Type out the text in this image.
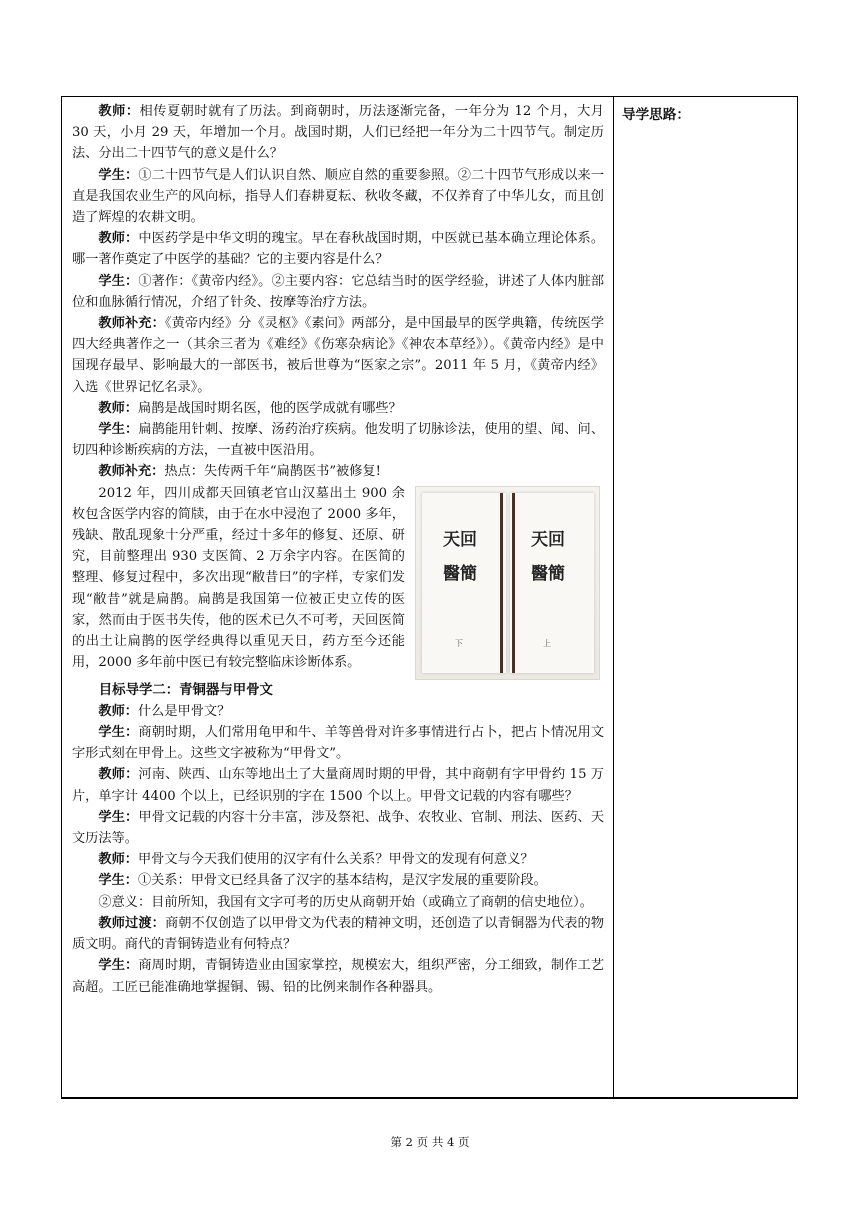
教师：相传夏朝时就有了历法。到商朝时，历法逐渐完备，一年分为 12 个月，大月 30 天，小月 29 天，年增加一个月。战国时期，人们已经把一年分为二十四节气。制定历法、分出二十四节气的意义是什么？

学生：①二十四节气是人们认识自然、顺应自然的重要参照。②二十四节气形成以来一直是我国农业生产的风向标，指导人们春耕夏耘、秋收冬藏，不仅养育了中华儿女，而且创造了辉煌的农耕文明。

教师：中医药学是中华文明的瑰宝。早在春秋战国时期，中医就已基本确立理论体系。哪一著作奠定了中医学的基础？它的主要内容是什么？

学生：①著作：《黄帝内经》。②主要内容：它总结当时的医学经验，讲述了人体内脏部位和血脉循行情况，介绍了针灸、按摩等治疗方法。

教师补充：《黄帝内经》分《灵枢》《素问》两部分，是中国最早的医学典籍，传统医学四大经典著作之一（其余三者为《难经》《伤寒杂病论》《神农本草经》）。《黄帝内经》是中国现存最早、影响最大的一部医书，被后世尊为“医家之宗”。2011 年 5 月，《黄帝内经》入选《世界记忆名录》。

教师：扁鹊是战国时期名医，他的医学成就有哪些？

学生：扁鹊能用针刺、按摩、汤药治疗疾病。他发明了切脉诊法，使用的望、闻、问、切四种诊断疾病的方法，一直被中医沿用。

教师补充：热点：失传两千年“扁鹊医书”被修复!

天回醫簡
下
天回醫簡
上

2012 年，四川成都天回镇老官山汉墓出土 900 余枚包含医学内容的简牍，由于在水中浸泡了 2000 多年，残缺、散乱现象十分严重，经过十多年的修复、还原、研究，目前整理出 930 支医简、2 万余字内容。在医简的整理、修复过程中，多次出现“敝昔曰”的字样，专家们发现“敝昔”就是扁鹊。扁鹊是我国第一位被正史立传的医家，然而由于医书失传，他的医术已久不可考，天回医简的出土让扁鹊的医学经典得以重见天日，药方至今还能用，2000 多年前中医已有较完整临床诊断体系。

目标导学二：青铜器与甲骨文

教师：什么是甲骨文？

学生：商朝时期，人们常用龟甲和牛、羊等兽骨对许多事情进行占卜，把占卜情况用文字形式刻在甲骨上。这些文字被称为“甲骨文”。

教师：河南、陕西、山东等地出土了大量商周时期的甲骨，其中商朝有字甲骨约 15 万片，单字计 4400 个以上，已经识别的字在 1500 个以上。甲骨文记载的内容有哪些？

学生：甲骨文记载的内容十分丰富，涉及祭祀、战争、农牧业、官制、刑法、医药、天文历法等。

教师：甲骨文与今天我们使用的汉字有什么关系？甲骨文的发现有何意义？

学生：①关系：甲骨文已经具备了汉字的基本结构，是汉字发展的重要阶段。

②意义：目前所知，我国有文字可考的历史从商朝开始（或确立了商朝的信史地位）。

教师过渡：商朝不仅创造了以甲骨文为代表的精神文明，还创造了以青铜器为代表的物质文明。商代的青铜铸造业有何特点？

学生：商周时期，青铜铸造业由国家掌控，规模宏大，组织严密，分工细致，制作工艺高超。工匠已能准确地掌握铜、锡、铅的比例来制作各种器具。

导学思路：
第 2 页 共 4 页
